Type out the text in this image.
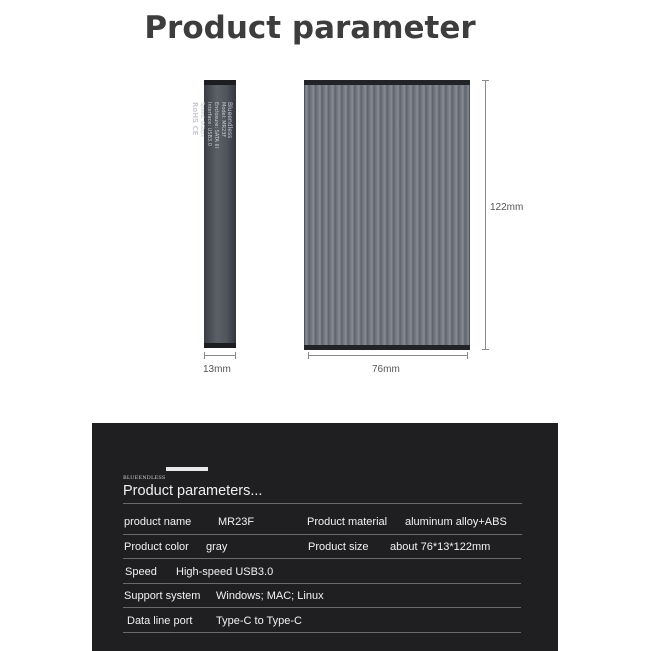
Product parameter
Blueendless
Model: MR23F
Enclosure: SATA III
Interface: USB3.0
Speed: 6Gbps
RoHS CE
122mm
76mm
13mm
BLUEENDLESS
Product parameters...
product name MR23F	Product material aluminum alloy+ABS
Product color gray	Product size about 76*13*122mm
Speed High-speed USB3.0
Support system Windows; MAC; Linux
Data line port Type-C to Type-C
